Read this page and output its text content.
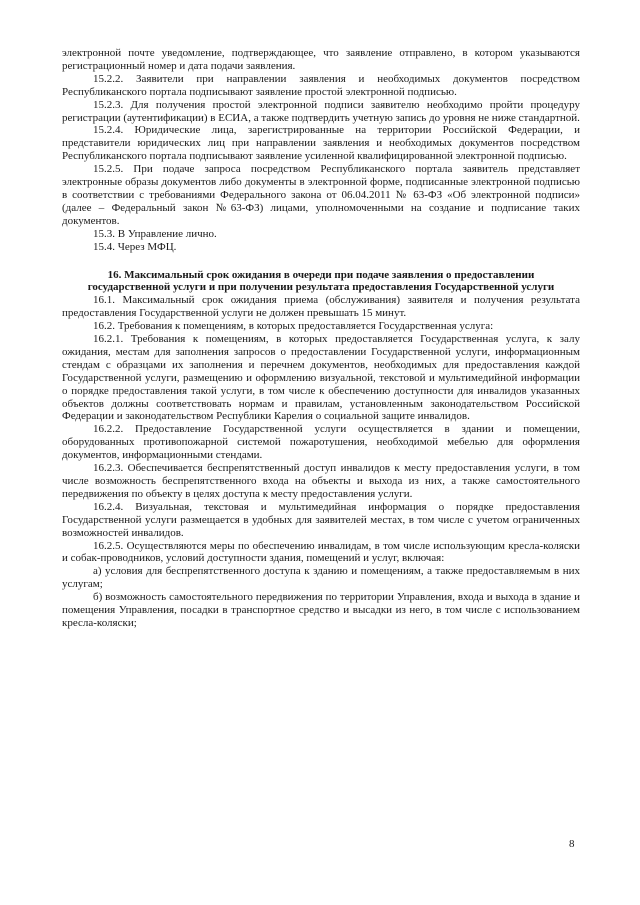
электронной почте уведомление, подтверждающее, что заявление отправлено, в котором указываются регистрационный номер и дата подачи заявления.

15.2.2. Заявители при направлении заявления и необходимых документов посредством Республиканского портала подписывают заявление простой электронной подписью.

15.2.3. Для получения простой электронной подписи заявителю необходимо пройти процедуру регистрации (аутентификации) в ЕСИА, а также подтвердить учетную запись до уровня не ниже стандартной.

15.2.4. Юридические лица, зарегистрированные на территории Российской Федерации, и представители юридических лиц при направлении заявления и необходимых документов посредством Республиканского портала подписывают заявление усиленной квалифицированной электронной подписью.

15.2.5. При подаче запроса посредством Республиканского портала заявитель представляет электронные образы документов либо документы в электронной форме, подписанные электронной подписью в соответствии с требованиями Федерального закона от 06.04.2011 № 63-ФЗ «Об электронной подписи» (далее – Федеральный закон №63-ФЗ) лицами, уполномоченными на создание и подписание таких документов.

15.3. В Управление лично.

15.4. Через МФЦ.

16. Максимальный срок ожидания в очереди при подаче заявления о предоставлении государственной услуги и при получении результата предоставления Государственной услуги

16.1. Максимальный срок ожидания приема (обслуживания) заявителя и получения результата предоставления Государственной услуги не должен превышать 15 минут.

16.2. Требования к помещениям, в которых предоставляется Государственная услуга:

16.2.1. Требования к помещениям, в которых предоставляется Государственная услуга, к залу ожидания, местам для заполнения запросов о предоставлении Государственной услуги, информационным стендам с образцами их заполнения и перечнем документов, необходимых для предоставления каждой Государственной услуги, размещению и оформлению визуальной, текстовой и мультимедийной информации о порядке предоставления такой услуги, в том числе к обеспечению доступности для инвалидов указанных объектов должны соответствовать нормам и правилам, установленным законодательством Российской Федерации и законодательством Республики Карелия о социальной защите инвалидов.

16.2.2. Предоставление Государственной услуги осуществляется в здании и помещении, оборудованных противопожарной системой пожаротушения, необходимой мебелью для оформления документов, информационными стендами.

16.2.3. Обеспечивается беспрепятственный доступ инвалидов к месту предоставления услуги, в том числе возможность беспрепятственного входа на объекты и выхода из них, а также самостоятельного передвижения по объекту в целях доступа к месту предоставления услуги.

16.2.4. Визуальная, текстовая и мультимедийная информация о порядке предоставления Государственной услуги размещается в удобных для заявителей местах, в том числе с учетом ограниченных возможностей инвалидов.

16.2.5. Осуществляются меры по обеспечению инвалидам, в том числе использующим кресла-коляски и собак-проводников, условий доступности здания, помещений и услуг, включая:

а) условия для беспрепятственного доступа к зданию и помещениям, а также предоставляемым в них услугам;

б) возможность самостоятельного передвижения по территории Управления, входа и выхода в здание и помещения Управления, посадки в транспортное средство и высадки из него, в том числе с использованием кресла-коляски;

8
